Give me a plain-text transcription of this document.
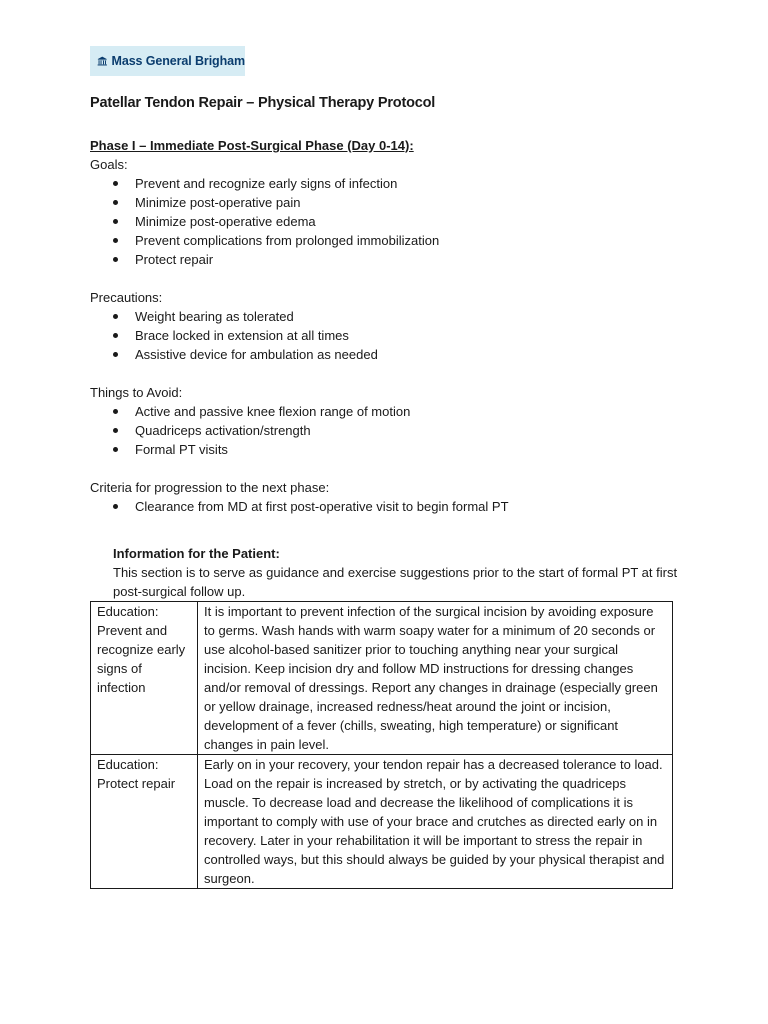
Mass General Brigham
Patellar Tendon Repair – Physical Therapy Protocol
Phase I – Immediate Post-Surgical Phase (Day 0-14):
Goals:
Prevent and recognize early signs of infection
Minimize post-operative pain
Minimize post-operative edema
Prevent complications from prolonged immobilization
Protect repair
Precautions:
Weight bearing as tolerated
Brace locked in extension at all times
Assistive device for ambulation as needed
Things to Avoid:
Active and passive knee flexion range of motion
Quadriceps activation/strength
Formal PT visits
Criteria for progression to the next phase:
Clearance from MD at first post-operative visit to begin formal PT
Information for the Patient:
This section is to serve as guidance and exercise suggestions prior to the start of formal PT at first post-surgical follow up.
Education: Prevent and recognize early signs of infection	It is important to prevent infection of the surgical incision by avoiding exposure to germs. Wash hands with warm soapy water for a minimum of 20 seconds or use alcohol-based sanitizer prior to touching anything near your surgical incision. Keep incision dry and follow MD instructions for dressing changes and/or removal of dressings. Report any changes in drainage (especially green or yellow drainage, increased redness/heat around the joint or incision, development of a fever (chills, sweating, high temperature) or significant changes in pain level.
Education: Protect repair	Early on in your recovery, your tendon repair has a decreased tolerance to load. Load on the repair is increased by stretch, or by activating the quadriceps muscle. To decrease load and decrease the likelihood of complications it is important to comply with use of your brace and crutches as directed early on in recovery. Later in your rehabilitation it will be important to stress the repair in controlled ways, but this should always be guided by your physical therapist and surgeon.
